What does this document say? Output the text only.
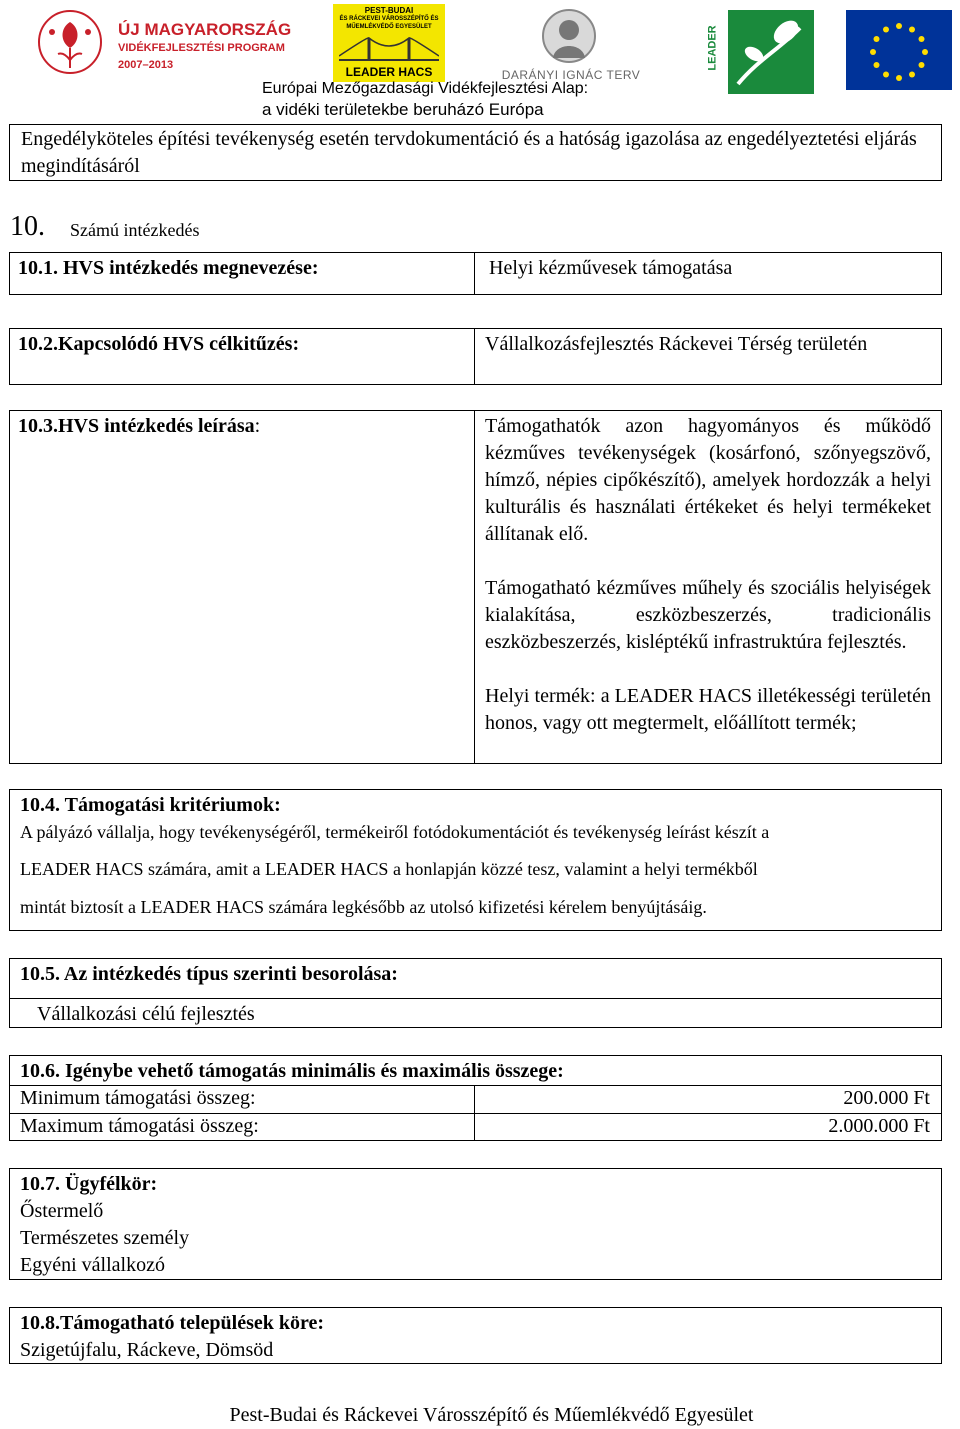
ÚJ MAGYARORSZÁG
VIDÉKFEJLESZTÉSI PROGRAM
2007–2013
PEST-BUDAI
ÉS RÁCKEVEI VÁROSSZÉPÍTŐ ÉS
MŰEMLÉKVÉDŐ EGYESÜLET
LEADER HACS	DARÁNYI IGNÁC TERV
LEADER
Európai Mezőgazdasági Vidékfejlesztési Alap:
a vidéki területekbe beruházó Európa
Engedélyköteles építési tevékenység esetén tervdokumentáció és a hatóság igazolása az engedélyeztetési eljárás megindításáról
10. Számú intézkedés
10.1. HVS intézkedés megnevezése:	Helyi kézművesek támogatása
10.2.Kapcsolódó HVS célkitűzés:	Vállalkozásfejlesztés Ráckevei Térség területén
10.3.HVS intézkedés leírása:	Támogathatók azon hagyományos és működő kézműves tevékenységek (kosárfonó, szőnyegszövő, hímző, népies cipőkészítő), amelyek hordozzák a helyi kulturális és használati értékeket és helyi termékeket állítanak elő.
Támogatható kézműves műhely és szociális helyiségek kialakítása, eszközbeszerzés, tradicionális eszközbeszerzés, kisléptékű infrastruktúra fejlesztés.
Helyi termék: a LEADER HACS illetékességi területén honos, vagy ott megtermelt, előállított termék;
10.4. Támogatási kritériumok:
A pályázó vállalja, hogy tevékenységéről, termékeiről fotódokumentációt és tevékenység leírást készít a
LEADER HACS számára, amit a LEADER HACS a honlapján közzé tesz, valamint a helyi termékből
mintát biztosít a LEADER HACS számára legkésőbb az utolsó kifizetési kérelem benyújtásáig.
10.5. Az intézkedés típus szerinti besorolása:
Vállalkozási célú fejlesztés
10.6. Igénybe vehető támogatás minimális és maximális összege:
Minimum támogatási összeg:	200.000 Ft
Maximum támogatási összeg:	2.000.000 Ft
10.7. Ügyfélkör:
Őstermelő
Természetes személy
Egyéni vállalkozó
10.8.Támogatható települések köre:
Szigetújfalu, Ráckeve, Dömsöd
Pest-Budai és Ráckevei Városszépítő és Műemlékvédő Egyesület
